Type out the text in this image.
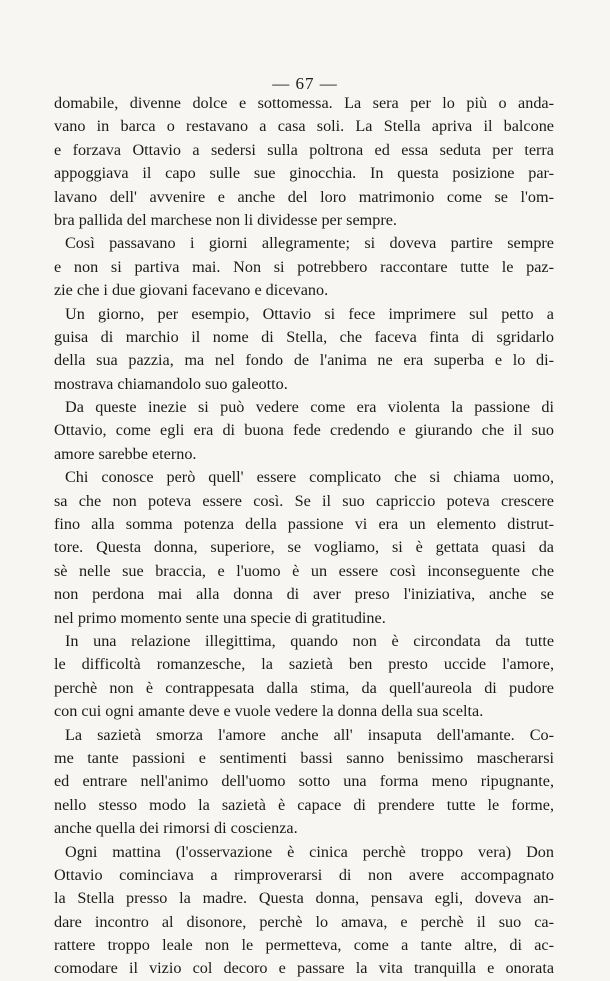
— 67 —
domabile, divenne dolce e sottomessa. La sera per lo più o anda-
vano in barca o restavano a casa soli. La Stella apriva il balcone
e forzava Ottavio a sedersi sulla poltrona ed essa seduta per terra
appoggiava il capo sulle sue ginocchia. In questa posizione par-
lavano dell' avvenire e anche del loro matrimonio come se l'om-
bra pallida del marchese non li dividesse per sempre.
Così passavano i giorni allegramente; si doveva partire sempre
e non si partiva mai. Non si potrebbero raccontare tutte le paz-
zie che i due giovani facevano e dicevano.
Un giorno, per esempio, Ottavio si fece imprimere sul petto a
guisa di marchio il nome di Stella, che faceva finta di sgridarlo
della sua pazzia, ma nel fondo de l'anima ne era superba e lo di-
mostrava chiamandolo suo galeotto.
Da queste inezie si può vedere come era violenta la passione di
Ottavio, come egli era di buona fede credendo e giurando che il suo
amore sarebbe eterno.
Chi conosce però quell' essere complicato che si chiama uomo,
sa che non poteva essere così. Se il suo capriccio poteva crescere
fino alla somma potenza della passione vi era un elemento distrut-
tore. Questa donna, superiore, se vogliamo, si è gettata quasi da
sè nelle sue braccia, e l'uomo è un essere così inconseguente che
non perdona mai alla donna di aver preso l'iniziativa, anche se
nel primo momento sente una specie di gratitudine.
In una relazione illegittima, quando non è circondata da tutte
le difficoltà romanzesche, la sazietà ben presto uccide l'amore,
perchè non è contrappesata dalla stima, da quell'aureola di pudore
con cui ogni amante deve e vuole vedere la donna della sua scelta.
La sazietà smorza l'amore anche all' insaputa dell'amante. Co-
me tante passioni e sentimenti bassi sanno benissimo mascherarsi
ed entrare nell'animo dell'uomo sotto una forma meno ripugnante,
nello stesso modo la sazietà è capace di prendere tutte le forme,
anche quella dei rimorsi di coscienza.
Ogni mattina (l'osservazione è cinica perchè troppo vera) Don
Ottavio cominciava a rimproverarsi di non avere accompagnato
la Stella presso la madre. Questa donna, pensava egli, doveva an-
dare incontro al disonore, perchè lo amava, e perchè il suo ca-
rattere troppo leale non le permetteva, come a tante altre, di ac-
comodare il vizio col decoro e passare la vita tranquilla e onorata
